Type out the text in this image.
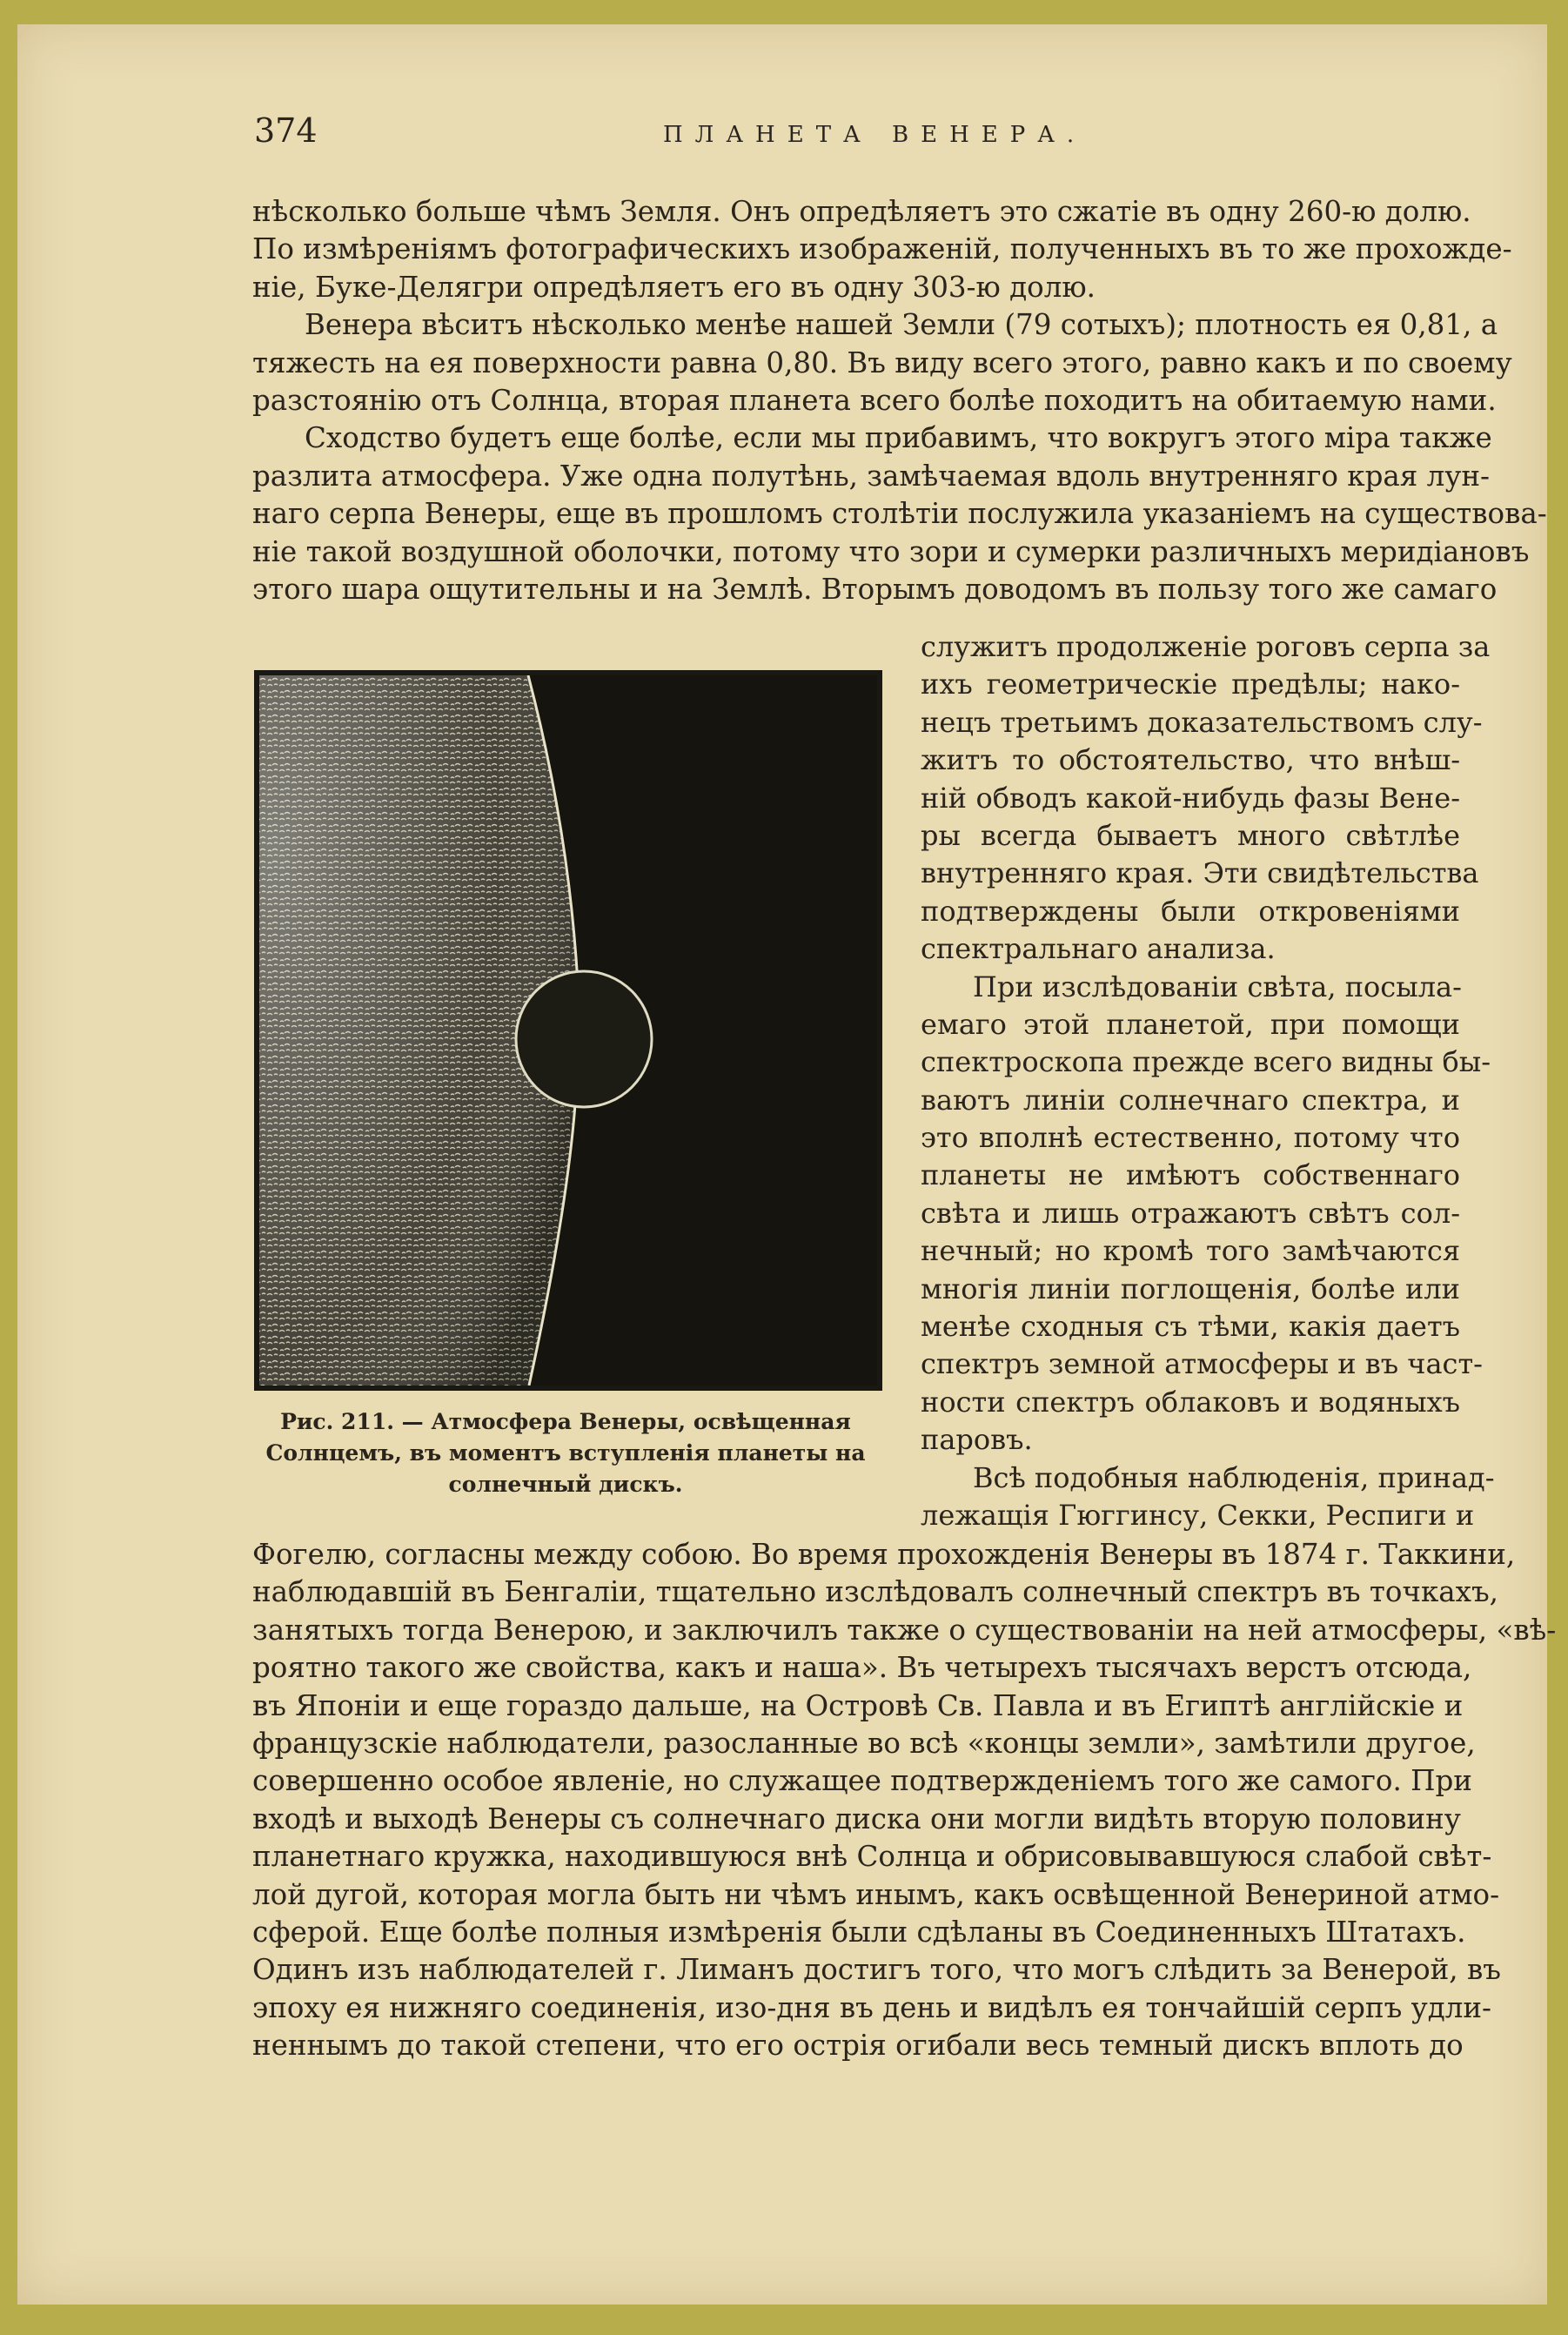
374	ПЛАНЕТА ВЕНЕРА.
нѣсколько больше чѣмъ Земля. Онъ опредѣляетъ это сжатіе въ одну 260-ю долю.
По измѣреніямъ фотографическихъ изображеній, полученныхъ въ то же прохожде-
ніе, Буке-Делягри опредѣляетъ его въ одну 303-ю долю.
Венера вѣситъ нѣсколько менѣе нашей Земли (79 сотыхъ); плотность ея 0,81, а
тяжесть на ея поверхности равна 0,80. Въ виду всего этого, равно какъ и по своему
разстоянію отъ Солнца, вторая планета всего болѣе походитъ на обитаемую нами.
Сходство будетъ еще болѣе, если мы прибавимъ, что вокругъ этого міра также
разлита атмосфера. Уже одна полутѣнь, замѣчаемая вдоль внутренняго края лун-
наго серпа Венеры, еще въ прошломъ столѣтіи послужила указаніемъ на существова-
ніе такой воздушной оболочки, потому что зори и сумерки различныхъ меридіановъ
этого шара ощутительны и на Землѣ. Вторымъ доводомъ въ пользу того же самаго
служитъ продолженіе роговъ серпа за
ихъ геометрическіе предѣлы; нако-
нецъ третьимъ доказательствомъ слу-
житъ то обстоятельство, что внѣш-
ній обводъ какой-нибудь фазы Вене-
ры всегда бываетъ много свѣтлѣе
внутренняго края. Эти свидѣтельства
подтверждены были откровеніями
спектральнаго анализа.
При изслѣдованіи свѣта, посыла-
емаго этой планетой, при помощи
спектроскопа прежде всего видны бы-
ваютъ линіи солнечнаго спектра, и
это вполнѣ естественно, потому что
планеты не имѣютъ собственнаго
свѣта и лишь отражаютъ свѣтъ сол-
нечный; но кромѣ того замѣчаются
многія линіи поглощенія, болѣе или
менѣе сходныя съ тѣми, какія даетъ
спектръ земной атмосферы и въ част-
ности спектръ облаковъ и водяныхъ
паровъ.
Всѣ подобныя наблюденія, принад-
лежащія Гюггинсу, Секки, Респиги и
Рис. 211. — Атмосфера Венеры, освѣщенная
Солнцемъ, въ моментъ вступленія планеты на
солнечный дискъ.
Фогелю, согласны между собою. Во время прохожденія Венеры въ 1874 г. Таккини,
наблюдавшій въ Бенгаліи, тщательно изслѣдовалъ солнечный спектръ въ точкахъ,
занятыхъ тогда Венерою, и заключилъ также о существованіи на ней атмосферы, «вѣ-
роятно такого же свойства, какъ и наша». Въ четырехъ тысячахъ верстъ отсюда,
въ Японіи и еще гораздо дальше, на Островѣ Св. Павла и въ Египтѣ англійскіе и
французскіе наблюдатели, разосланные во всѣ «концы земли», замѣтили другое,
совершенно особое явленіе, но служащее подтвержденіемъ того же самого. При
входѣ и выходѣ Венеры съ солнечнаго диска они могли видѣть вторую половину
планетнаго кружка, находившуюся внѣ Солнца и обрисовывавшуюся слабой свѣт-
лой дугой, которая могла быть ни чѣмъ инымъ, какъ освѣщенной Венериной атмо-
сферой. Еще болѣе полныя измѣренія были сдѣланы въ Соединенныхъ Штатахъ.
Одинъ изъ наблюдателей г. Лиманъ достигъ того, что могъ слѣдить за Венерой, въ
эпоху ея нижняго соединенія, изо-дня въ день и видѣлъ ея тончайшій серпъ удли-
неннымъ до такой степени, что его острія огибали весь темный дискъ вплоть до
